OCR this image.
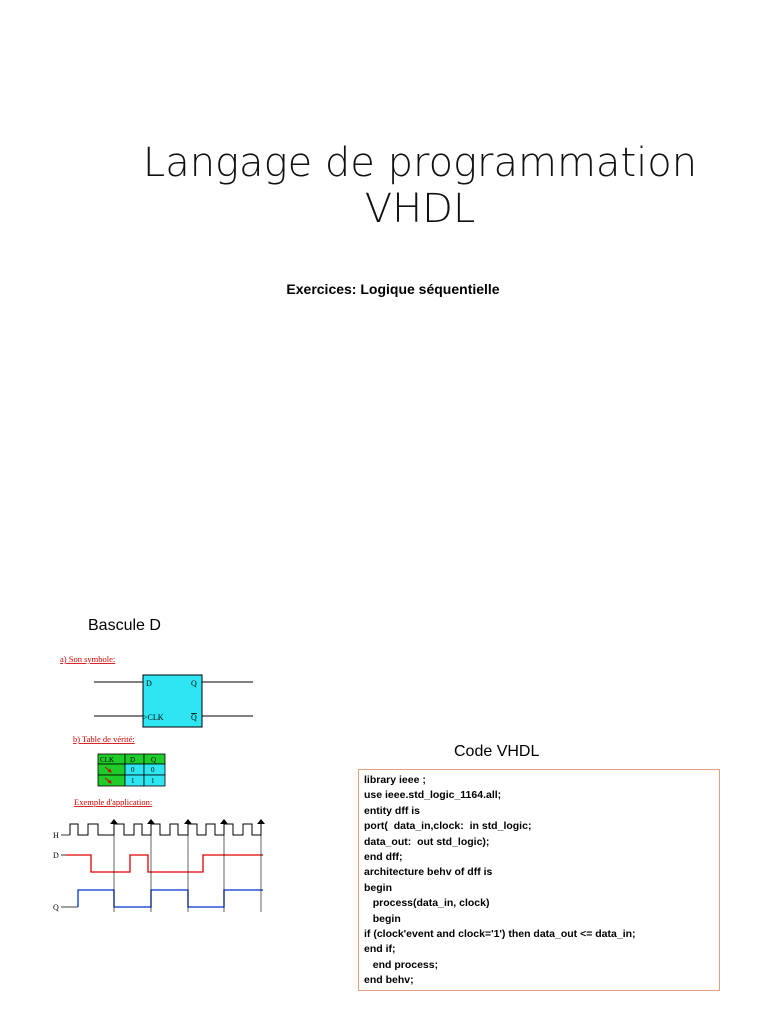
Langage de programmation
VHDL

Exercices: Logique séquentielle

Bascule D
a) Son symbole:
D	Q
>CLK	Q
b) Table de vérité:
CLK D Q
0 0
1 1
Exemple d'application:
H
D
Q
Code VHDL
library ieee ;
use ieee.std_logic_1164.all;
entity dff is
port(  data_in,clock:  in std_logic;
data_out:  out std_logic);
end dff;
architecture behv of dff is
begin
process(data_in, clock)
begin
if (clock'event and clock='1') then data_out <= data_in;
end if;
end process;
end behv;
